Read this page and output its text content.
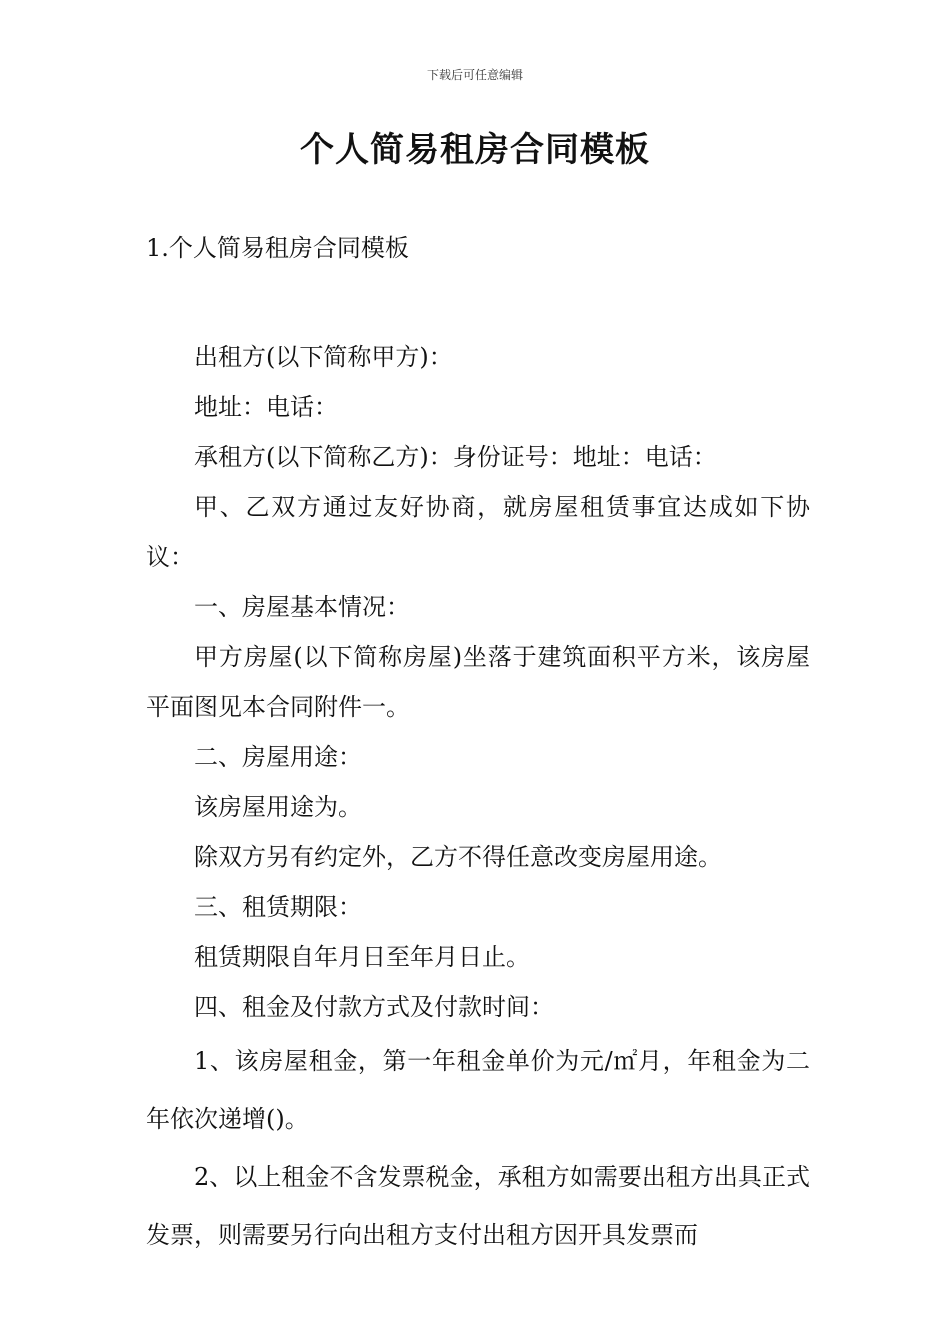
下载后可任意编辑
个人简易租房合同模板
1.个人简易租房合同模板

出租方(以下简称甲方)：

地址：电话：

承租方(以下简称乙方)：身份证号：地址：电话：

甲、乙双方通过友好协商，就房屋租赁事宜达成如下协议：

一、房屋基本情况：

甲方房屋(以下简称房屋)坐落于建筑面积平方米，该房屋平面图见本合同附件一。

二、房屋用途：

该房屋用途为。

除双方另有约定外，乙方不得任意改变房屋用途。

三、租赁期限：

租赁期限自年月日至年月日止。

四、租金及付款方式及付款时间：

1、该房屋租金，第一年租金单价为元/㎡月，年租金为二年依次递增()。

2、以上租金不含发票税金，承租方如需要出租方出具正式发票，则需要另行向出租方支付出租方因开具发票而
